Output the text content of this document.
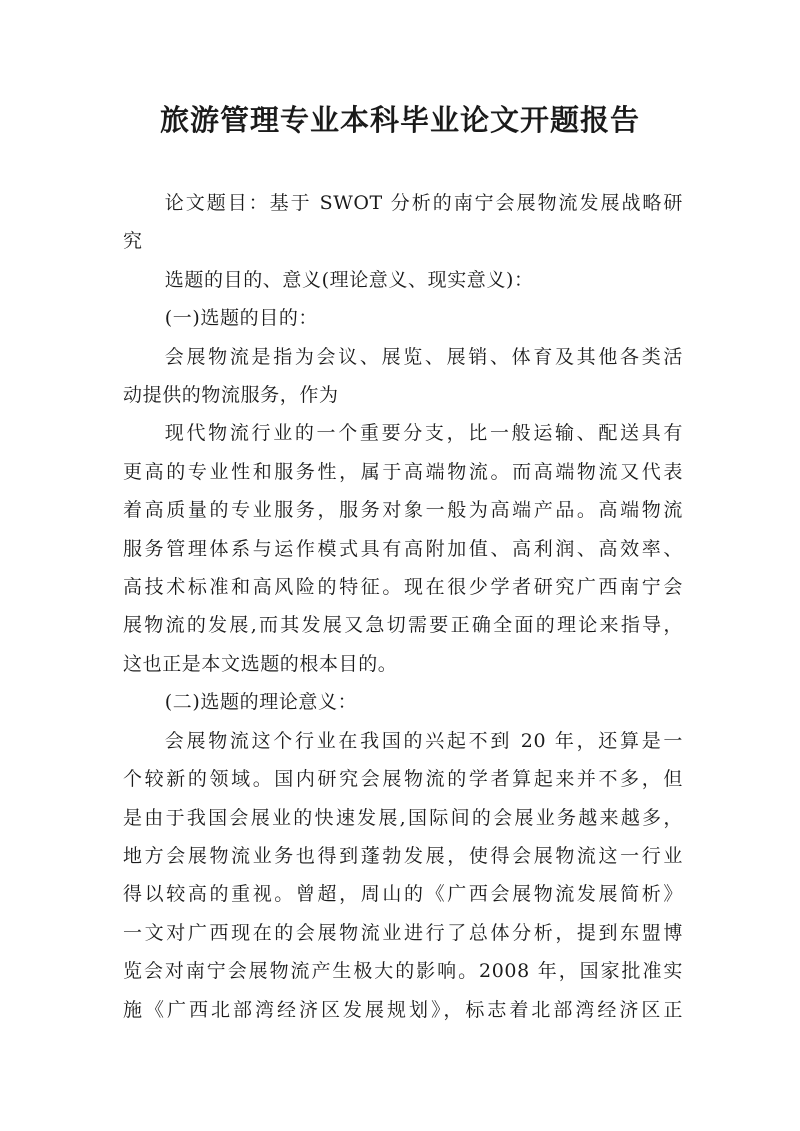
旅游管理专业本科毕业论文开题报告

论文题目：基于 SWOT 分析的南宁会展物流发展战略研
究

选题的目的、意义(理论意义、现实意义)：

(一)选题的目的：

会展物流是指为会议、展览、展销、体育及其他各类活
动提供的物流服务，作为

现代物流行业的一个重要分支，比一般运输、配送具有
更高的专业性和服务性，属于高端物流。而高端物流又代表
着高质量的专业服务，服务对象一般为高端产品。高端物流
服务管理体系与运作模式具有高附加值、高利润、高效率、
高技术标准和高风险的特征。现在很少学者研究广西南宁会
展物流的发展,而其发展又急切需要正确全面的理论来指导，
这也正是本文选题的根本目的。

(二)选题的理论意义：

会展物流这个行业在我国的兴起不到 20 年，还算是一
个较新的领域。国内研究会展物流的学者算起来并不多，但
是由于我国会展业的快速发展,国际间的会展业务越来越多，
地方会展物流业务也得到蓬勃发展，使得会展物流这一行业
得以较高的重视。曾超，周山的《广西会展物流发展简析》
一文对广西现在的会展物流业进行了总体分析，提到东盟博
览会对南宁会展物流产生极大的影响。2008 年，国家批准实
施《广西北部湾经济区发展规划》，标志着北部湾经济区正
